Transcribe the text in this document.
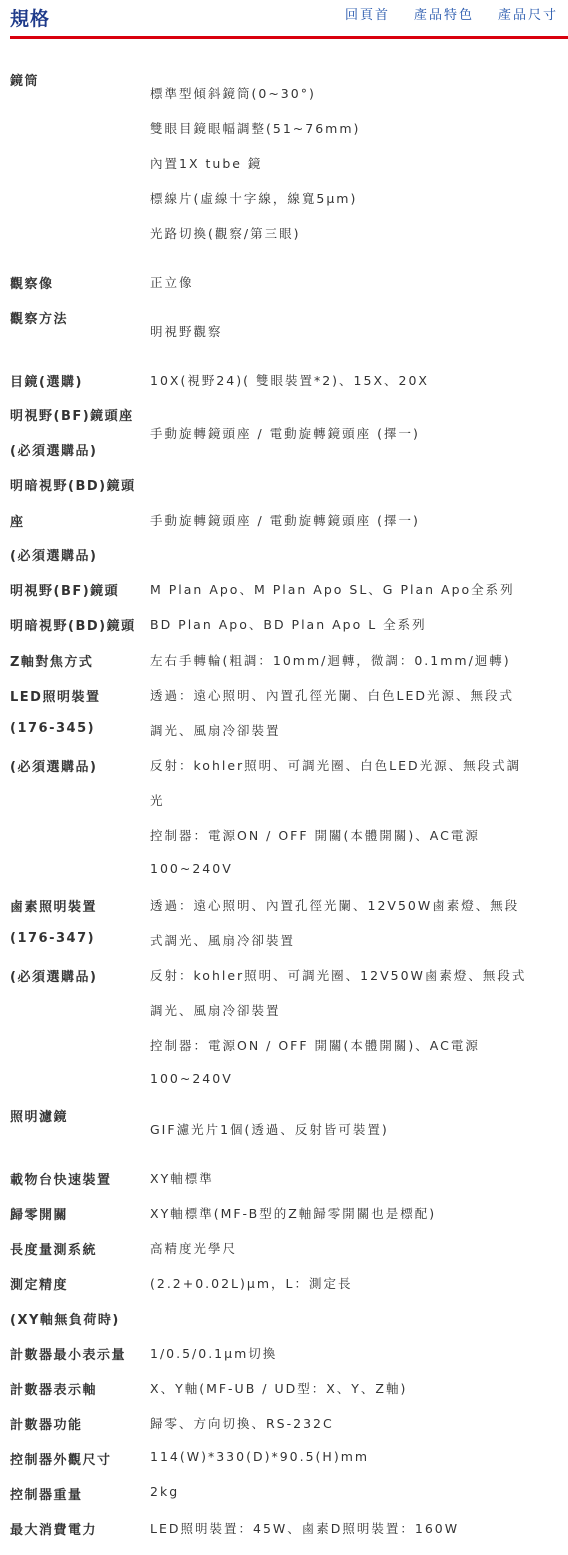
規格	回頁首 產品特色 產品尺寸
鏡筒
觀察像
觀察方法
目鏡(選購)
明視野(BF)鏡頭座
(必須選購品)
明暗視野(BD)鏡頭
座
(必須選購品)
明視野(BF)鏡頭
明暗視野(BD)鏡頭
Z軸對焦方式
LED照明裝置
(176-345)
(必須選購品)
鹵素照明裝置
(176-347)
(必須選購品)
照明濾鏡
載物台快速裝置
歸零開關
長度量測系統
測定精度
(XY軸無負荷時)
計數器最小表示量
計數器表示軸
計數器功能
控制器外觀尺寸
控制器重量
最大消費電力
標準型傾斜鏡筒(0~30°)
雙眼目鏡眼幅調整(51~76mm)
內置1X tube 鏡
標線片(虛線十字線，線寬5µm)
光路切換(觀察/第三眼)
正立像
明視野觀察
10X(視野24)( 雙眼裝置*2)、15X、20X
手動旋轉鏡頭座 / 電動旋轉鏡頭座 (擇一)
手動旋轉鏡頭座 / 電動旋轉鏡頭座 (擇一)
M Plan Apo、M Plan Apo SL、G Plan Apo全系列
BD Plan Apo、BD Plan Apo L 全系列
左右手轉輪(粗調：10mm/迴轉，微調：0.1mm/迴轉)
透過：遠心照明、內置孔徑光闌、白色LED光源、無段式
調光、風扇冷卻裝置
反射：kohler照明、可調光圈、白色LED光源、無段式調
光
控制器：電源ON / OFF 開關(本體開關)、AC電源
100~240V
透過：遠心照明、內置孔徑光闌、12V50W鹵素燈、無段
式調光、風扇冷卻裝置
反射：kohler照明、可調光圈、12V50W鹵素燈、無段式
調光、風扇冷卻裝置
控制器：電源ON / OFF 開關(本體開關)、AC電源
100~240V
GIF濾光片1個(透過、反射皆可裝置)
XY軸標準
XY軸標準(MF-B型的Z軸歸零開關也是標配)
高精度光學尺
(2.2+0.02L)µm，L：測定長
1/0.5/0.1µm切換
X、Y軸(MF-UB / UD型：X、Y、Z軸)
歸零、方向切換、RS-232C
114(W)*330(D)*90.5(H)mm
2kg
LED照明裝置：45W、鹵素D照明裝置：160W
